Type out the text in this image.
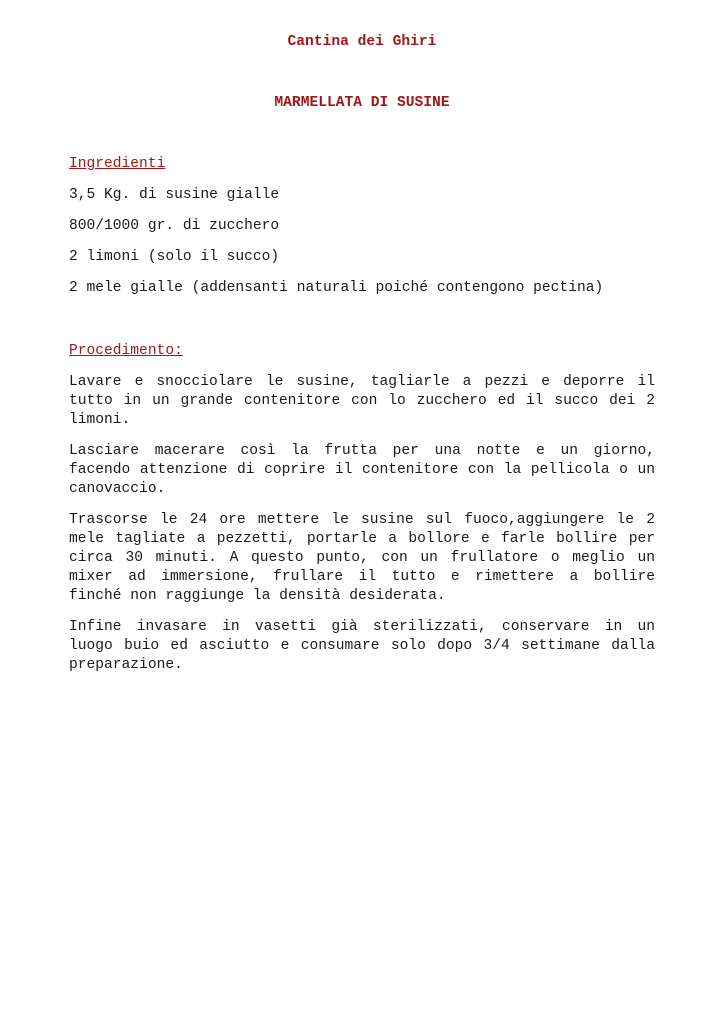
Cantina dei Ghiri
MARMELLATA DI SUSINE
Ingredienti
3,5 Kg. di susine gialle
800/1000 gr. di zucchero
2 limoni (solo il succo)
2 mele gialle (addensanti naturali poiché contengono pectina)
Procedimento:

Lavare e snocciolare le susine, tagliarle a pezzi e deporre il tutto in un grande contenitore con lo zucchero ed il succo dei 2 limoni.

Lasciare macerare così la frutta per una notte e un giorno, facendo attenzione di coprire il contenitore con la pellicola o un canovaccio.

Trascorse le 24 ore mettere le susine sul fuoco,aggiungere le 2 mele tagliate a pezzetti, portarle a bollore e farle bollire per circa 30 minuti. A questo punto, con un frullatore o meglio un mixer ad immersione, frullare il tutto e rimettere a bollire finché non raggiunge la densità desiderata.

Infine invasare in vasetti già sterilizzati, conservare in un luogo buio ed asciutto e consumare solo dopo 3/4 settimane dalla preparazione.
